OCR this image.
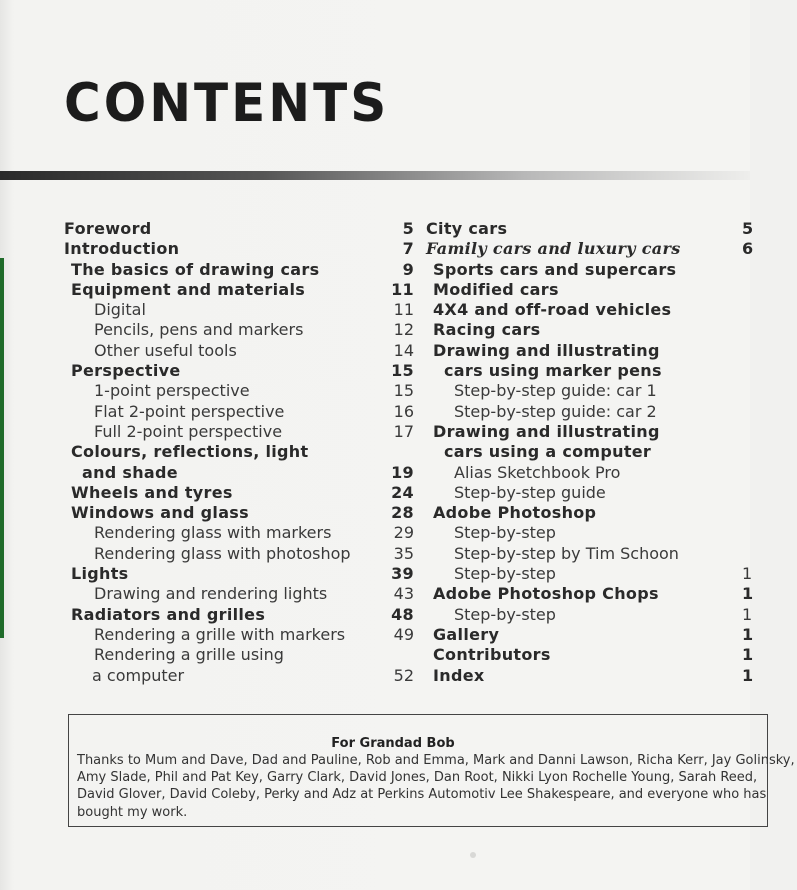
CONTENTS
Foreword	5
Introduction	7
The basics of drawing cars	9
Equipment and materials	11
Digital	11
Pencils, pens and markers	12
Other useful tools	14
Perspective	15
1-point perspective	15
Flat 2-point perspective	16
Full 2-point perspective	17
Colours, reflections, light
and shade	19
Wheels and tyres	24
Windows and glass	28
Rendering glass with markers	29
Rendering glass with photoshop	35
Lights	39
Drawing and rendering lights	43
Radiators and grilles	48
Rendering a grille with markers	49
Rendering a grille using
a computer	52
City cars	5
Family cars and luxury cars	6
Sports cars and supercars
Modified cars
4X4 and off-road vehicles
Racing cars
Drawing and illustrating
cars using marker pens
Step-by-step guide: car 1
Step-by-step guide: car 2
Drawing and illustrating
cars using a computer
Alias Sketchbook Pro
Step-by-step guide
Adobe Photoshop
Step-by-step
Step-by-step by Tim Schoon
Step-by-step	1
Adobe Photoshop Chops	1
Step-by-step	1
Gallery	1
Contributors	1
Index	1
For Grandad Bob
Thanks to Mum and Dave, Dad and Pauline, Rob and Emma, Mark and Danni Lawson, Richa Kerr, Jay Golinsky, Amy Slade, Phil and Pat Key, Garry Clark, David Jones, Dan Root, Nikki Lyon Rochelle Young, Sarah Reed, David Glover, David Coleby, Perky and Adz at Perkins Automotiv Lee Shakespeare, and everyone who has bought my work.
